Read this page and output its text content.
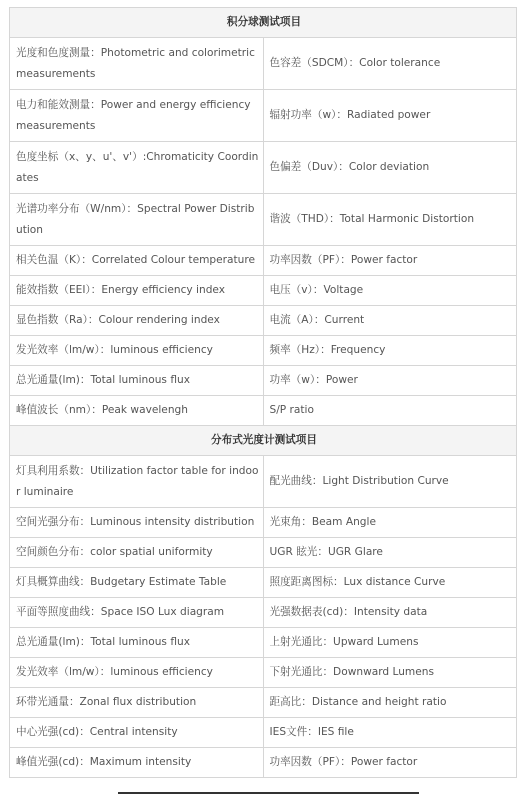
积分球测试项目	
光度和色度测量：Photometric and colorimetric measurements	色容差（SDCM）：Color tolerance
电力和能效测量：Power and energy efficiency measurements	辐射功率（w）：Radiated power
色度坐标（x、y、u'、v'）:Chromaticity Coordinates	色偏差（Duv）：Color deviation
光谱功率分布（W/nm）：Spectral Power Distribution	谐波（THD）：Total Harmonic Distortion
相关色温（K）：Correlated Colour temperature	功率因数（PF）：Power factor
能效指数（EEI）：Energy efficiency index	电压（v）：Voltage
显色指数（Ra）：Colour rendering index	电流（A）：Current
发光效率（lm/w）：luminous efficiency	频率（Hz）：Frequency
总光通量(lm)：Total luminous flux	功率（w）：Power
峰值波长（nm）：Peak wavelengh	S/P ratio
分布式光度计测试项目	
灯具利用系数：Utilization factor table for indoor luminaire	配光曲线：Light Distribution Curve
空间光强分布：Luminous intensity distribution	光束角：Beam Angle
空间颜色分布：color spatial uniformity	UGR 眩光：UGR Glare
灯具概算曲线：Budgetary Estimate Table	照度距离图标：Lux distance Curve
平面等照度曲线：Space ISO Lux diagram	光强数据表(cd)：Intensity data
总光通量(lm)：Total luminous flux	上射光通比：Upward Lumens
发光效率（lm/w）：luminous efficiency	下射光通比：Downward Lumens
环带光通量：Zonal flux distribution	距高比：Distance and height ratio
中心光强(cd)：Central intensity	IES文件：IES file
峰值光强(cd)：Maximum intensity	功率因数（PF）：Power factor
